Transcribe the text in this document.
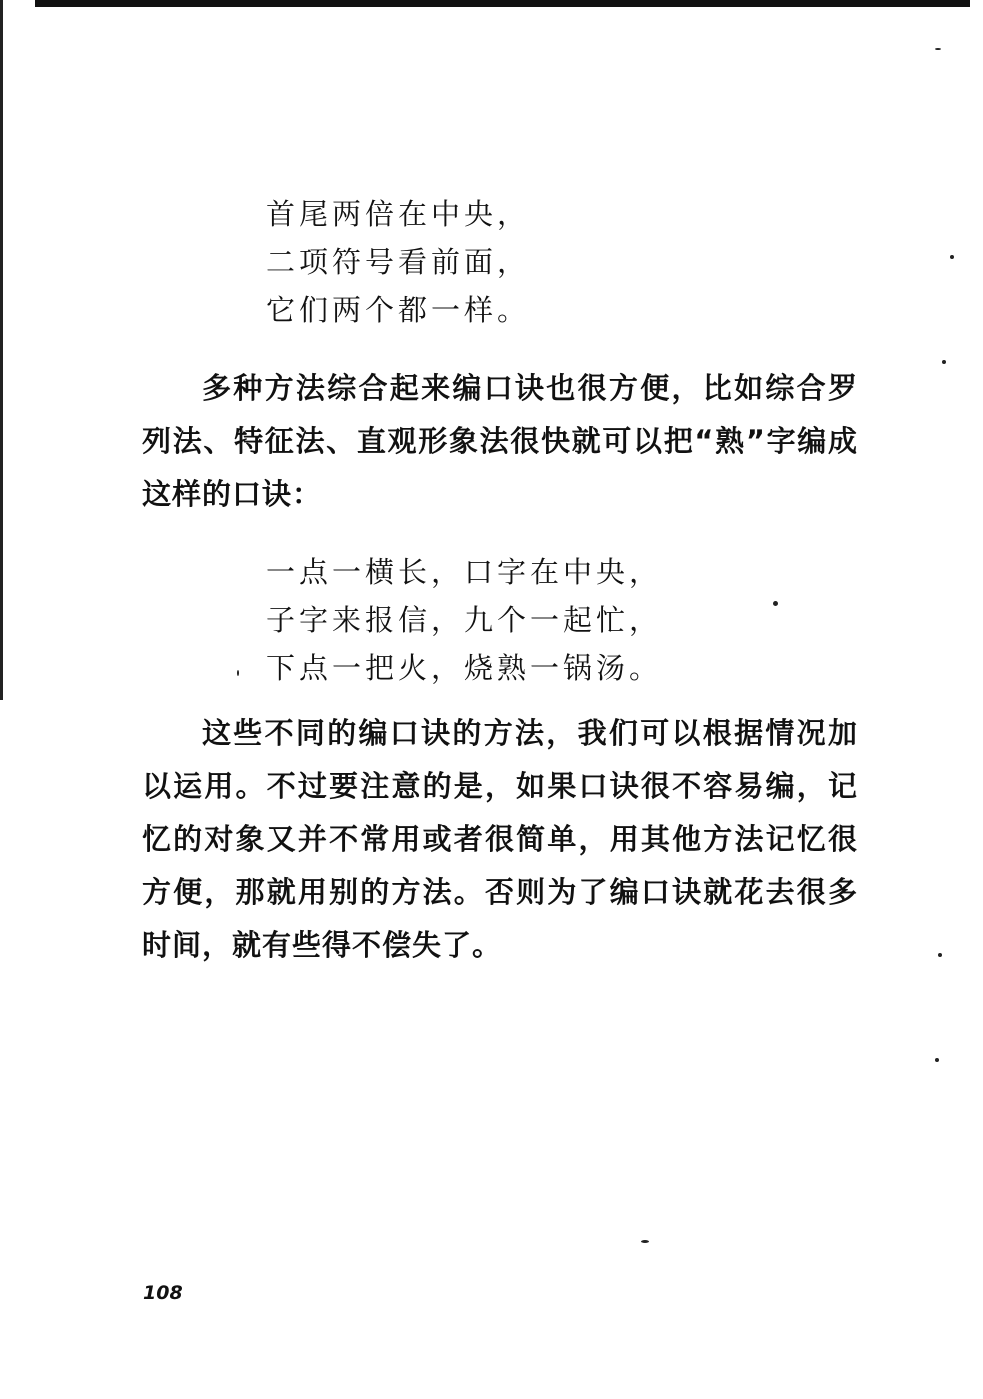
首尾两倍在中央，
二项符号看前面，
它们两个都一样。

多种方法综合起来编口诀也很方便，比如综合罗列法、特征法、直观形象法很快就可以把“熟”字编成这样的口诀：

一点一横长，口字在中央，
子字来报信，九个一起忙，
下点一把火，烧熟一锅汤。

这些不同的编口诀的方法，我们可以根据情况加以运用。不过要注意的是，如果口诀很不容易编，记忆的对象又并不常用或者很简单，用其他方法记忆很方便，那就用别的方法。否则为了编口诀就花去很多时间，就有些得不偿失了。

108
